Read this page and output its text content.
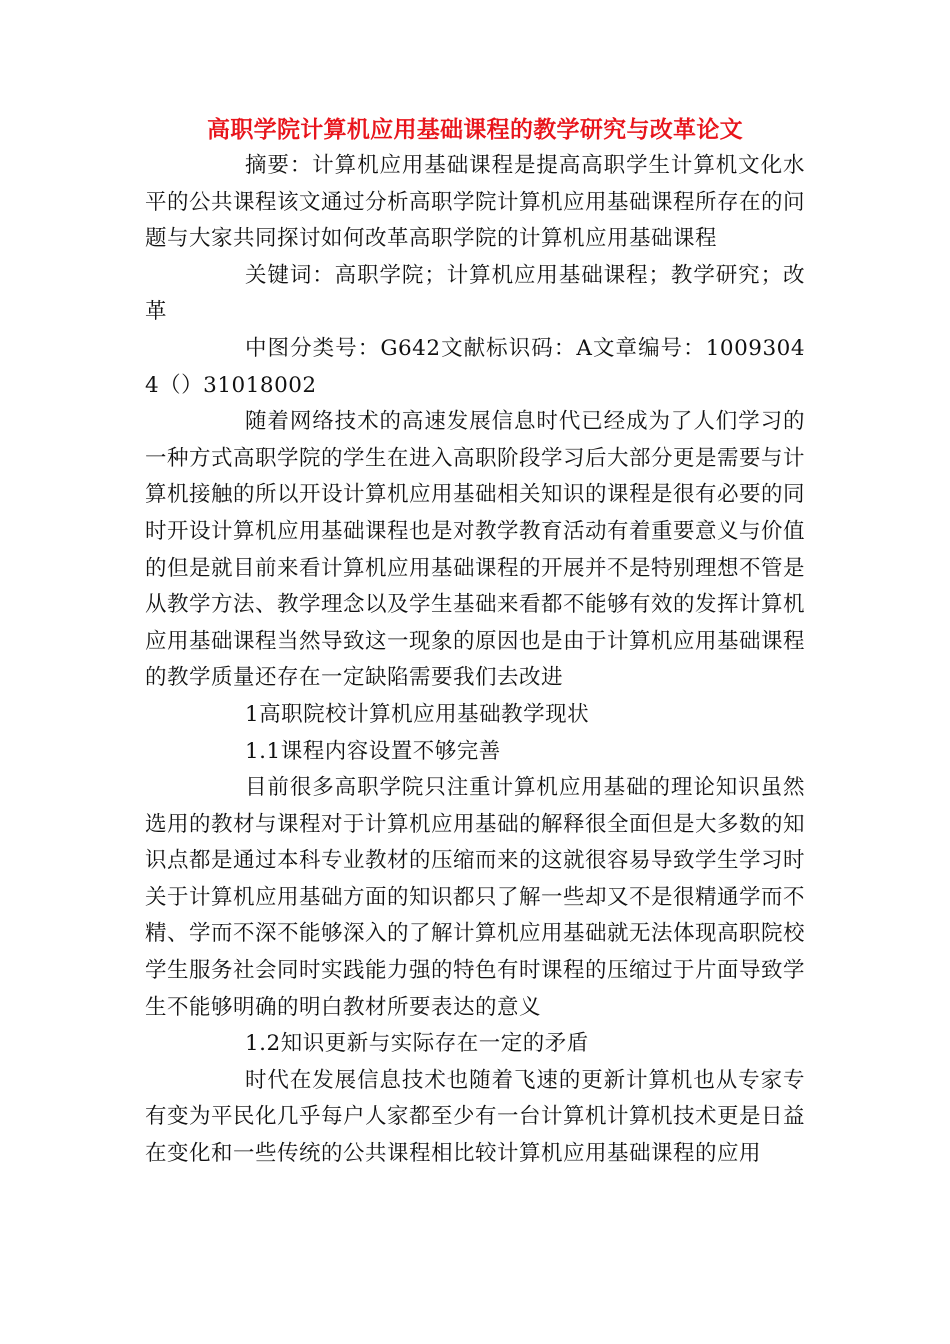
高职学院计算机应用基础课程的教学研究与改革论文

摘要：计算机应用基础课程是提高高职学生计算机文化水平的公共课程该文通过分析高职学院计算机应用基础课程所存在的问题与大家共同探讨如何改革高职学院的计算机应用基础课程

关键词：高职学院；计算机应用基础课程；教学研究；改革

中图分类号：G642文献标识码：A文章编号：10093044（）31018002

随着网络技术的高速发展信息时代已经成为了人们学习的一种方式高职学院的学生在进入高职阶段学习后大部分更是需要与计算机接触的所以开设计算机应用基础相关知识的课程是很有必要的同时开设计算机应用基础课程也是对教学教育活动有着重要意义与价值的但是就目前来看计算机应用基础课程的开展并不是特别理想不管是从教学方法、教学理念以及学生基础来看都不能够有效的发挥计算机应用基础课程当然导致这一现象的原因也是由于计算机应用基础课程的教学质量还存在一定缺陷需要我们去改进

1高职院校计算机应用基础教学现状

1.1课程内容设置不够完善

目前很多高职学院只注重计算机应用基础的理论知识虽然选用的教材与课程对于计算机应用基础的解释很全面但是大多数的知识点都是通过本科专业教材的压缩而来的这就很容易导致学生学习时关于计算机应用基础方面的知识都只了解一些却又不是很精通学而不精、学而不深不能够深入的了解计算机应用基础就无法体现高职院校学生服务社会同时实践能力强的特色有时课程的压缩过于片面导致学生不能够明确的明白教材所要表达的意义

1.2知识更新与实际存在一定的矛盾

时代在发展信息技术也随着飞速的更新计算机也从专家专有变为平民化几乎每户人家都至少有一台计算机计算机技术更是日益在变化和一些传统的公共课程相比较计算机应用基础课程的应用
